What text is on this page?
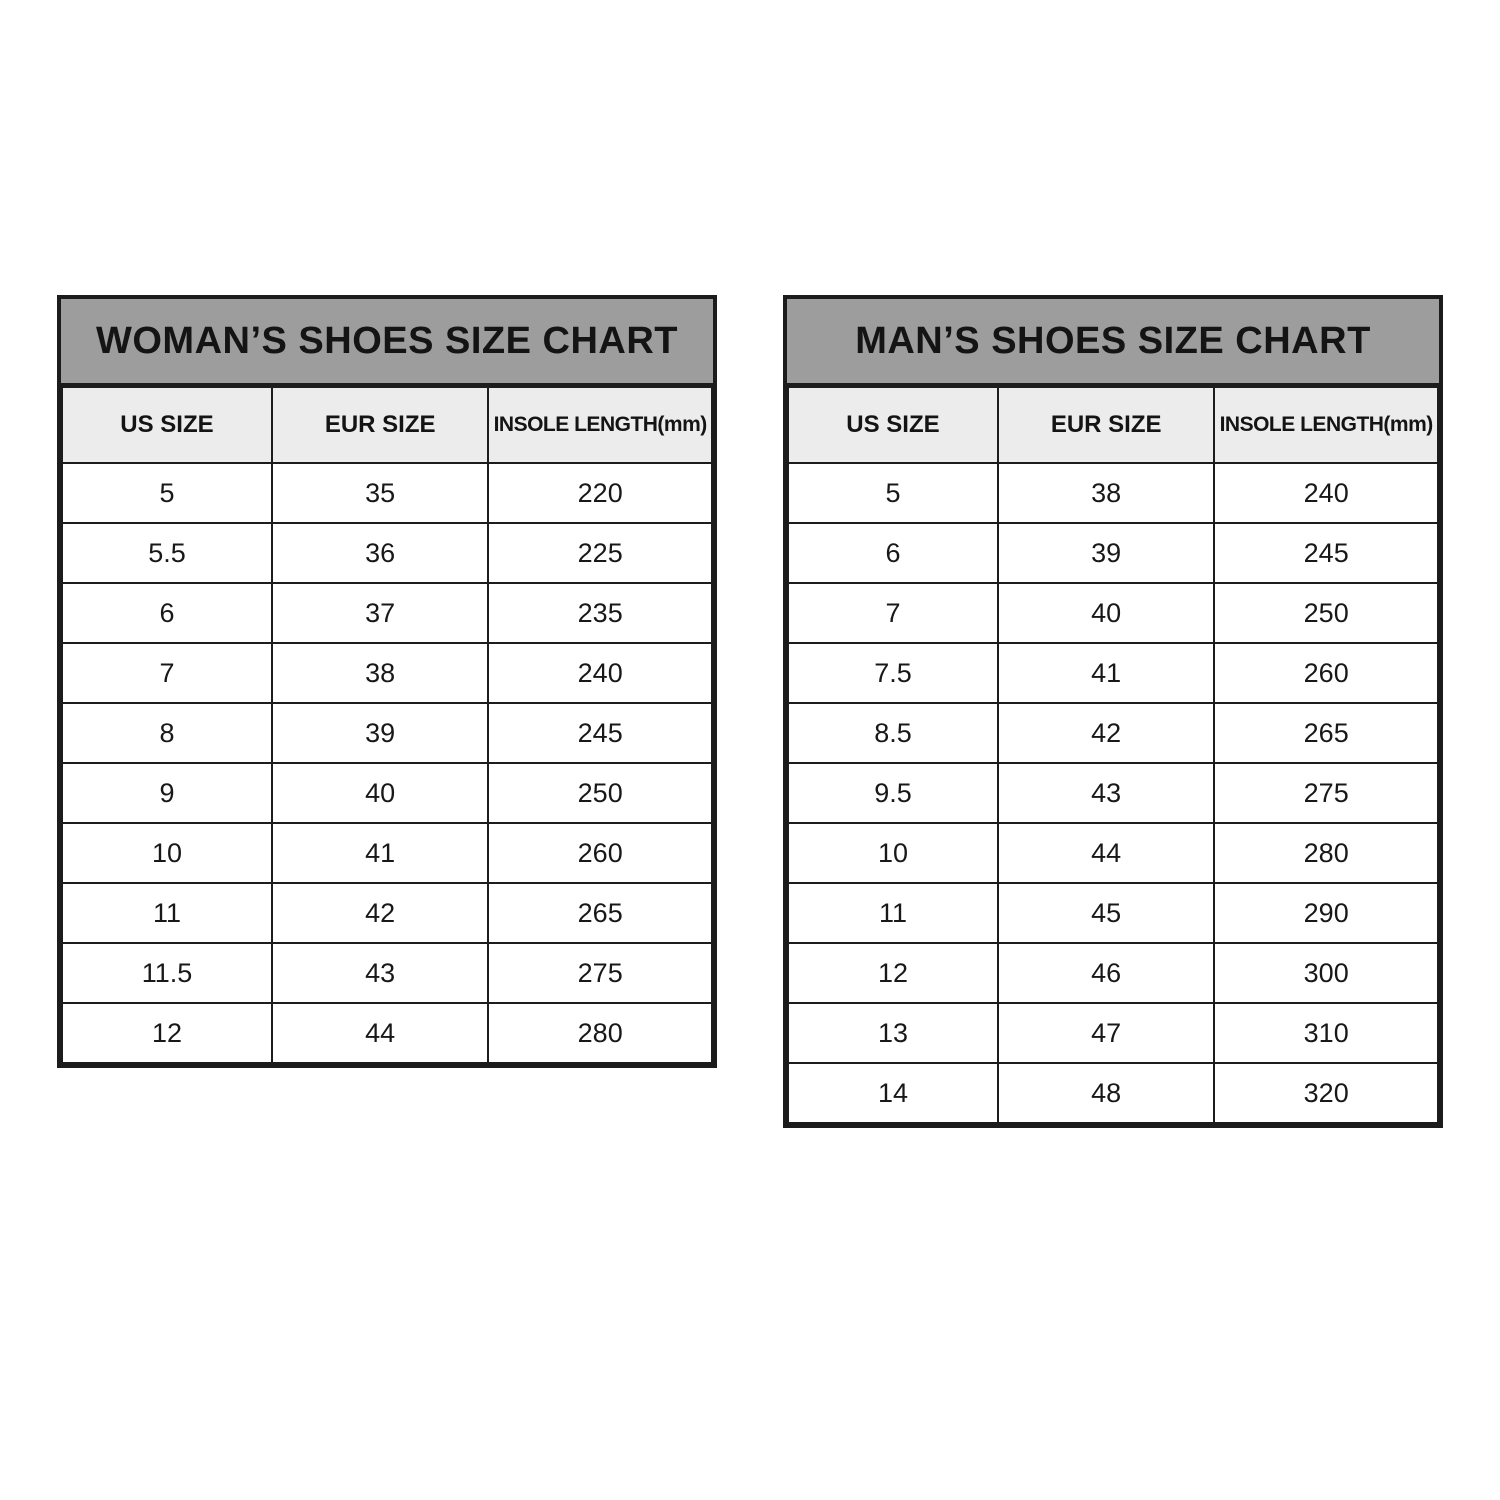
WOMAN’S SHOES SIZE CHART
US SIZE	EUR SIZE	INSOLE LENGTH(mm)
5	35	220
5.5	36	225
6	37	235
7	38	240
8	39	245
9	40	250
10	41	260
11	42	265
11.5	43	275
12	44	280
MAN’S SHOES SIZE CHART
US SIZE	EUR SIZE	INSOLE LENGTH(mm)
5	38	240
6	39	245
7	40	250
7.5	41	260
8.5	42	265
9.5	43	275
10	44	280
11	45	290
12	46	300
13	47	310
14	48	320
